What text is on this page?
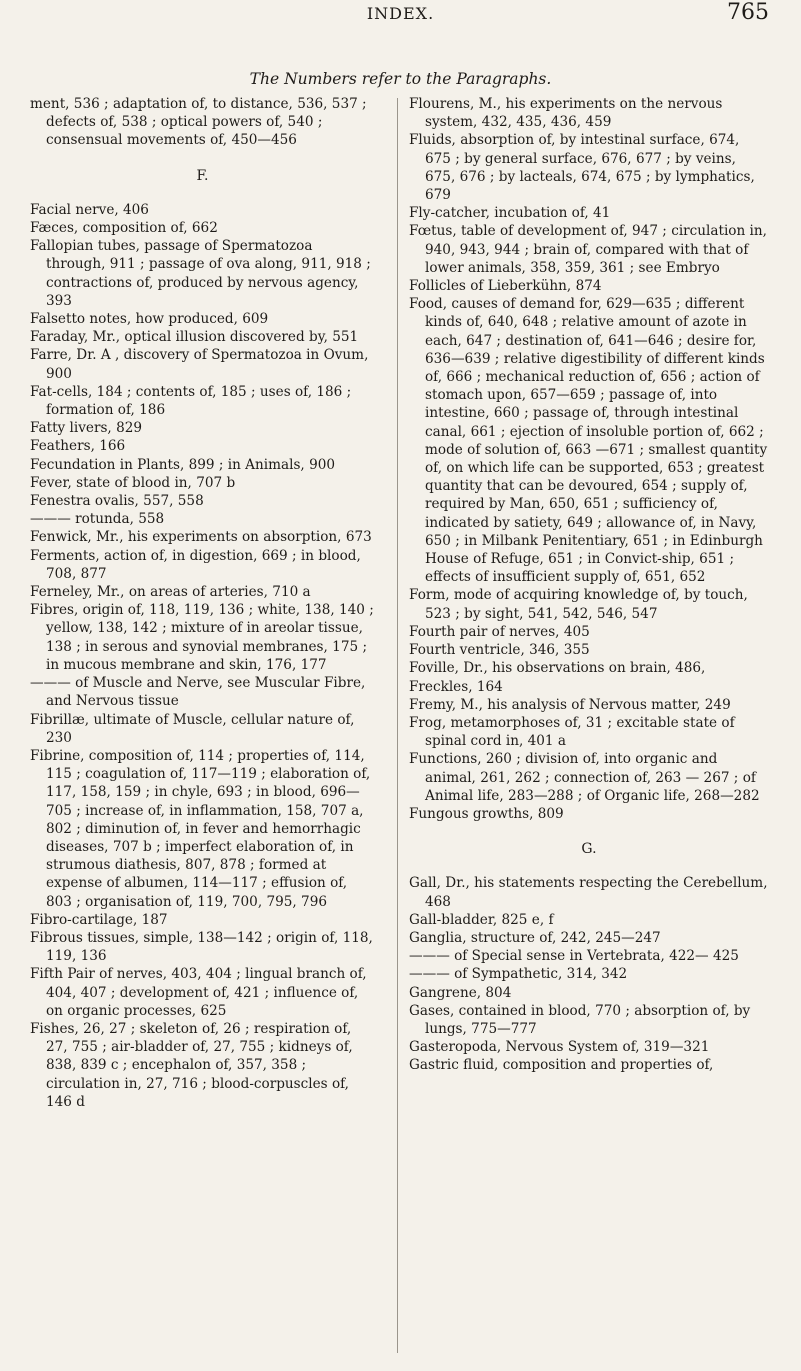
INDEX.	765
The Numbers refer to the Paragraphs.

ment, 536 ; adaptation of, to distance, 536, 537 ; defects of, 538 ; optical powers of, 540 ; consensual movements of, 450—456

F.

Facial nerve, 406

Fæces, composition of, 662

Fallopian tubes, passage of Spermatozoa through, 911 ; passage of ova along, 911, 918 ; contractions of, produced by nervous agency, 393

Falsetto notes, how produced, 609

Faraday, Mr., optical illusion discovered by, 551

Farre, Dr. A , discovery of Spermatozoa in Ovum, 900

Fat-cells, 184 ; contents of, 185 ; uses of, 186 ; formation of, 186

Fatty livers, 829

Feathers, 166

Fecundation in Plants, 899 ; in Animals, 900

Fever, state of blood in, 707 b

Fenestra ovalis, 557, 558

——— rotunda, 558

Fenwick, Mr., his experiments on absorption, 673

Ferments, action of, in digestion, 669 ; in blood, 708, 877

Ferneley, Mr., on areas of arteries, 710 a

Fibres, origin of, 118, 119, 136 ; white, 138, 140 ; yellow, 138, 142 ; mixture of in areolar tissue, 138 ; in serous and synovial membranes, 175 ; in mucous membrane and skin, 176, 177

——— of Muscle and Nerve, see Muscular Fibre, and Nervous tissue

Fibrillæ, ultimate of Muscle, cellular nature of, 230

Fibrine, composition of, 114 ; properties of, 114, 115 ; coagulation of, 117—119 ; elaboration of, 117, 158, 159 ; in chyle, 693 ; in blood, 696—705 ; increase of, in inflammation, 158, 707 a, 802 ; diminution of, in fever and hemorrhagic diseases, 707 b ; imperfect elaboration of, in strumous diathesis, 807, 878 ; formed at expense of albumen, 114—117 ; effusion of, 803 ; organisation of, 119, 700, 795, 796

Fibro-cartilage, 187

Fibrous tissues, simple, 138—142 ; origin of, 118, 119, 136

Fifth Pair of nerves, 403, 404 ; lingual branch of, 404, 407 ; development of, 421 ; influence of, on organic processes, 625

Fishes, 26, 27 ; skeleton of, 26 ; respiration of, 27, 755 ; air-bladder of, 27, 755 ; kidneys of, 838, 839 c ; encephalon of, 357, 358 ; circulation in, 27, 716 ; blood-corpuscles of, 146 d

Flourens, M., his experiments on the nervous system, 432, 435, 436, 459

Fluids, absorption of, by intestinal surface, 674, 675 ; by general surface, 676, 677 ; by veins, 675, 676 ; by lacteals, 674, 675 ; by lymphatics, 679

Fly-catcher, incubation of, 41

Fœtus, table of development of, 947 ; circulation in, 940, 943, 944 ; brain of, compared with that of lower animals, 358, 359, 361 ; see Embryo

Follicles of Lieberkühn, 874

Food, causes of demand for, 629—635 ; different kinds of, 640, 648 ; relative amount of azote in each, 647 ; destination of, 641—646 ; desire for, 636—639 ; relative digestibility of different kinds of, 666 ; mechanical reduction of, 656 ; action of stomach upon, 657—659 ; passage of, into intestine, 660 ; passage of, through intestinal canal, 661 ; ejection of insoluble portion of, 662 ; mode of solution of, 663 —671 ; smallest quantity of, on which life can be supported, 653 ; greatest quantity that can be devoured, 654 ; supply of, required by Man, 650, 651 ; sufficiency of, indicated by satiety, 649 ; allowance of, in Navy, 650 ; in Milbank Penitentiary, 651 ; in Edinburgh House of Refuge, 651 ; in Convict-ship, 651 ; effects of insufficient supply of, 651, 652

Form, mode of acquiring knowledge of, by touch, 523 ; by sight, 541, 542, 546, 547

Fourth pair of nerves, 405

Fourth ventricle, 346, 355

Foville, Dr., his observations on brain, 486,

Freckles, 164

Fremy, M., his analysis of Nervous matter, 249

Frog, metamorphoses of, 31 ; excitable state of spinal cord in, 401 a

Functions, 260 ; division of, into organic and animal, 261, 262 ; connection of, 263 — 267 ; of Animal life, 283—288 ; of Organic life, 268—282

Fungous growths, 809

G.

Gall, Dr., his statements respecting the Cerebellum, 468

Gall-bladder, 825 e, f

Ganglia, structure of, 242, 245—247

——— of Special sense in Vertebrata, 422— 425

——— of Sympathetic, 314, 342

Gangrene, 804

Gases, contained in blood, 770 ; absorption of, by lungs, 775—777

Gasteropoda, Nervous System of, 319—321

Gastric fluid, composition and properties of,
